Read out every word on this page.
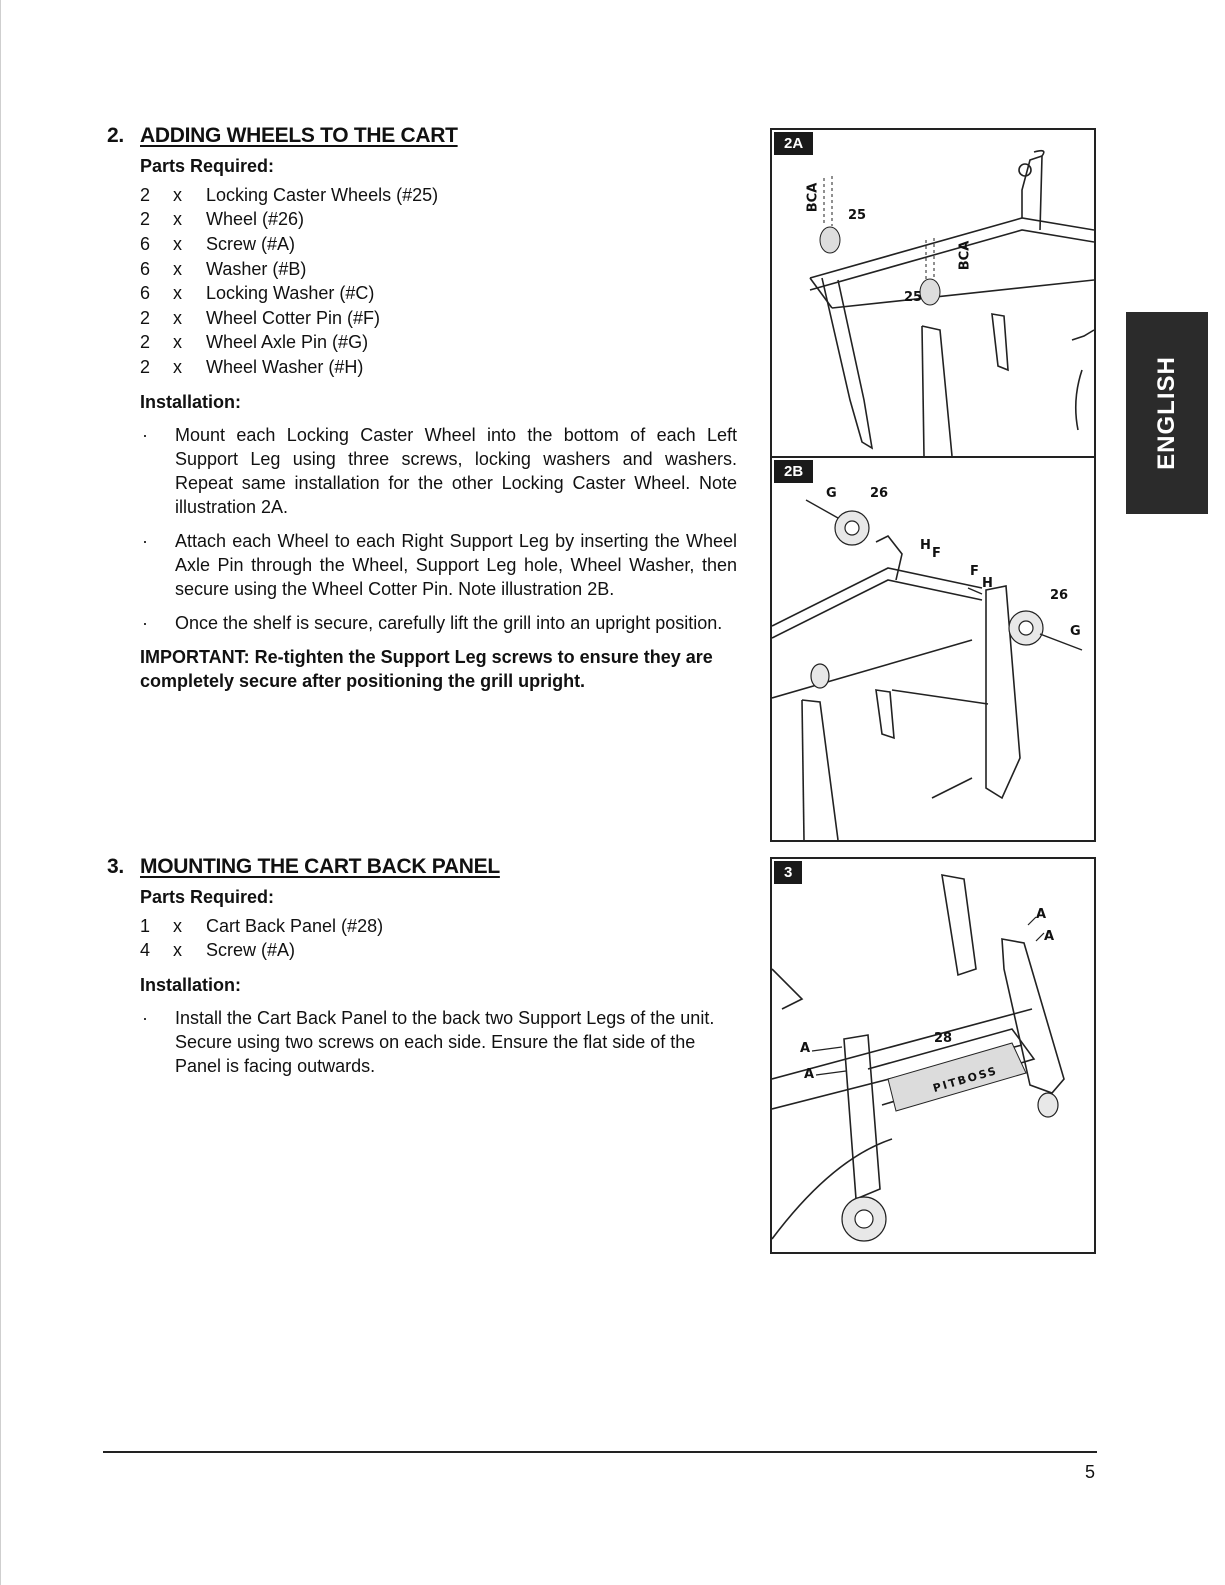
2. ADDING WHEELS TO THE CART
Parts Required:
2	x	Locking Caster Wheels (#25)
2	x	Wheel (#26)
6	x	Screw (#A)
6	x	Washer (#B)
6	x	Locking Washer (#C)
2	x	Wheel Cotter Pin (#F)
2	x	Wheel Axle Pin (#G)
2	x	Wheel Washer (#H)
Installation:
·	Mount each Locking Caster Wheel into the bottom of each Left Support Leg using three screws, locking washers and washers. Repeat same installation for the other Locking Caster Wheel. Note illustration 2A.
·	Attach each Wheel to each Right Support Leg by inserting the Wheel Axle Pin through the Wheel, Support Leg hole, Wheel Washer, then secure using the Wheel Cotter Pin. Note illustration 2B.
·	Once the shelf is secure, carefully lift the grill into an upright position.
IMPORTANT: Re-tighten the Support Leg screws to ensure they are completely secure after positioning the grill upright.
3. MOUNTING THE CART BACK PANEL
Parts Required:
1	x	Cart Back Panel (#28)
4	x	Screw (#A)
Installation:
·	Install the Cart Back Panel to the back two Support Legs of the unit. Secure using two screws on each side. Ensure the flat side of the Panel is facing outwards.
2A
BCA
25
25
BCA
2B
G	26
H
F
F
H
26
G
3
A
A
A
A
28
PITBOSS
ENGLISH
5
